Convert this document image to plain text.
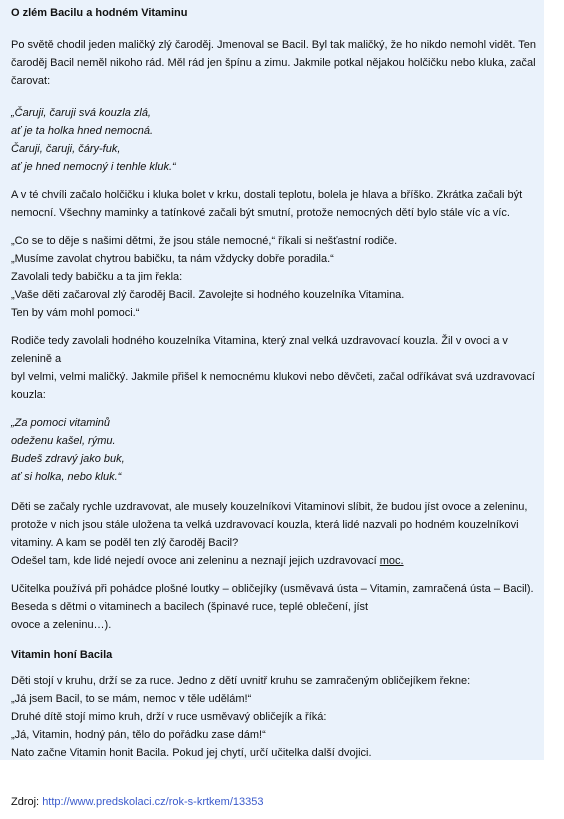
O zlém Bacilu a hodném Vitaminu

Po světě chodil jeden maličký zlý čaroděj. Jmenoval se Bacil. Byl tak maličký, že ho nikdo nemohl vidět. Ten

čaroděj Bacil neměl nikoho rád. Měl rád jen špínu a zimu. Jakmile potkal nějakou holčičku nebo kluka, začal

čarovat:

„Čaruji, čaruji svá kouzla zlá,

ať je ta holka hned nemocná.

Čaruji, čaruji, čáry-fuk,

ať je hned nemocný i tenhle kluk.“

A v té chvíli začalo holčičku i kluka bolet v krku, dostali teplotu, bolela je hlava a bříško. Zkrátka začali být

nemocní. Všechny maminky a tatínkové začali být smutní, protože nemocných dětí bylo stále víc a víc.

„Co se to děje s našimi dětmi, že jsou stále nemocné,“ říkali si nešťastní rodiče.

„Musíme zavolat chytrou babičku, ta nám vždycky dobře poradila.“

Zavolali tedy babičku a ta jim řekla:

„Vaše děti začaroval zlý čaroděj Bacil. Zavolejte si hodného kouzelníka Vitamina.

Ten by vám mohl pomoci.“

Rodiče tedy zavolali hodného kouzelníka Vitamina, který znal velká uzdravovací kouzla. Žil v ovoci a v zelenině a

byl velmi, velmi maličký. Jakmile přišel k nemocnému klukovi nebo děvčeti, začal odříkávat svá uzdravovací

kouzla:

„Za pomoci vitaminů

odeženu kašel, rýmu.

Budeš zdravý jako buk,

ať si holka, nebo kluk.“

Děti se začaly rychle uzdravovat, ale musely kouzelníkovi Vitaminovi slíbit, že budou jíst ovoce a zeleninu,

protože v nich jsou stále uložena ta velká uzdravovací kouzla, která lidé nazvali po hodném kouzelníkovi

vitaminy. A kam se poděl ten zlý čaroděj Bacil?

Odešel tam, kde lidé nejedí ovoce ani zeleninu a neznají jejich uzdravovací moc.

Učitelka používá při pohádce plošné loutky – obličejíky (usměvavá ústa – Vitamin, zamračená ústa – Bacil).

Beseda s dětmi o vitaminech a bacilech (špinavé ruce, teplé oblečení, jíst

ovoce a zeleninu…).

Vitamin honí Bacila

Děti stojí v kruhu, drží se za ruce. Jedno z dětí uvnitř kruhu se zamračeným obličejíkem řekne:

„Já jsem Bacil, to se mám, nemoc v těle udělám!“

Druhé dítě stojí mimo kruh, drží v ruce usměvavý obličejík a říká:

„Já, Vitamin, hodný pán, tělo do pořádku zase dám!“

Nato začne Vitamin honit Bacila. Pokud jej chytí, určí učitelka další dvojici.

Zdroj: http://www.predskolaci.cz/rok-s-krtkem/13353
